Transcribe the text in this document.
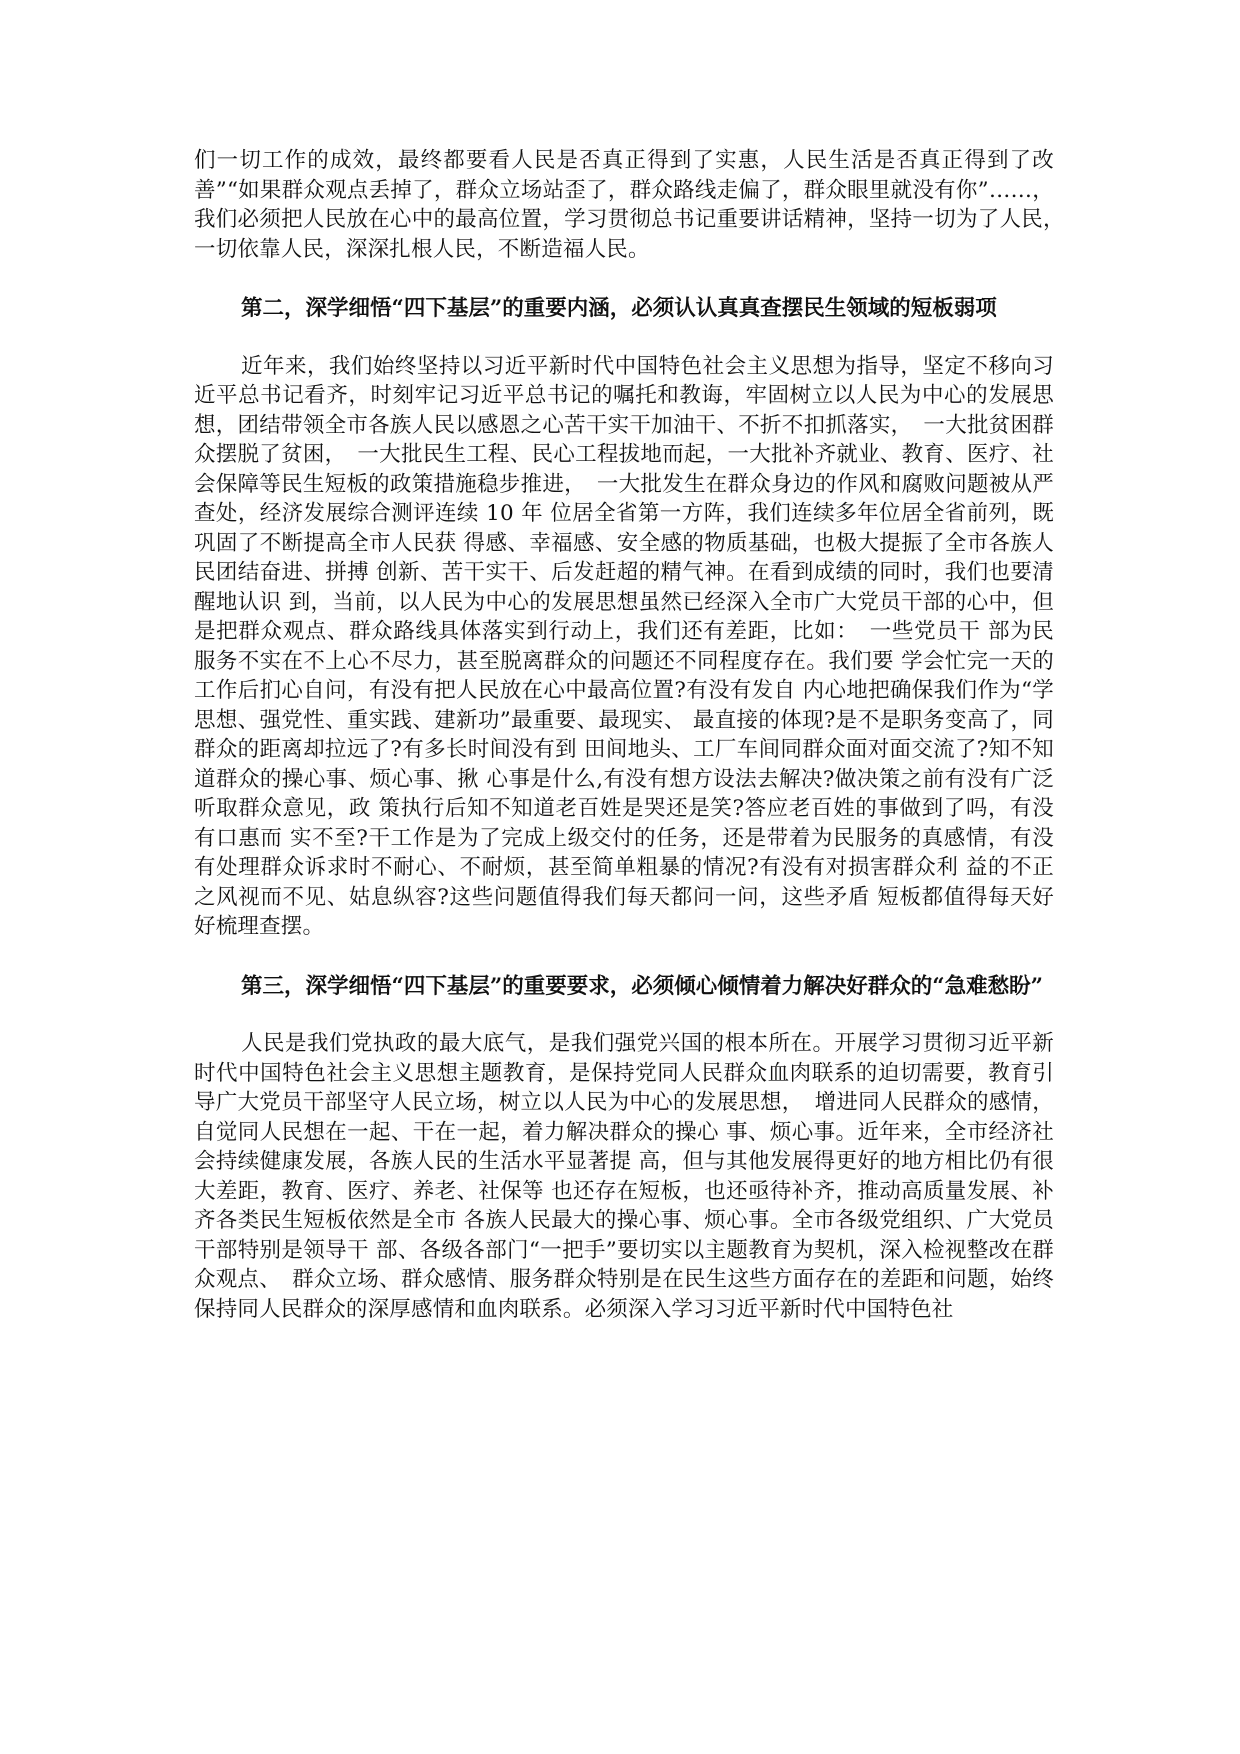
们一切工作的成效，最终都要看人民是否真正得到了实惠，人民生活是否真正得到了改善”“如果群众观点丢掉了，群众立场站歪了，群众路线走偏了，群众眼里就没有你”……，我们必须把人民放在心中的最高位置，学习贯彻总书记重要讲话精神，坚持一切为了人民，　一切依靠人民，深深扎根人民，不断造福人民。

第二，深学细悟“四下基层”的重要内涵，必须认认真真查摆民生领域的短板弱项

近年来，我们始终坚持以习近平新时代中国特色社会主义思想为指导，坚定不移向习近平总书记看齐，时刻牢记习近平总书记的嘱托和教诲，牢固树立以人民为中心的发展思想，团结带领全市各族人民以感恩之心苦干实干加油干、不折不扣抓落实，　一大批贫困群众摆脱了贫困，　一大批民生工程、民心工程拔地而起，一大批补齐就业、教育、医疗、社会保障等民生短板的政策措施稳步推进，　一大批发生在群众身边的作风和腐败问题被从严查处，经济发展综合测评连续 10 年 位居全省第一方阵，我们连续多年位居全省前列，既巩固了不断提高全市人民获 得感、幸福感、安全感的物质基础，也极大提振了全市各族人民团结奋进、拼搏 创新、苦干实干、后发赶超的精气神。在看到成绩的同时，我们也要清醒地认识 到，当前，以人民为中心的发展思想虽然已经深入全市广大党员干部的心中，但 是把群众观点、群众路线具体落实到行动上，我们还有差距，比如：　一些党员干 部为民服务不实在不上心不尽力，甚至脱离群众的问题还不同程度存在。我们要 学会忙完一天的工作后扪心自问，有没有把人民放在心中最高位置?有没有发自 内心地把确保我们作为“学思想、强党性、重实践、建新功”最重要、最现实、 最直接的体现?是不是职务变高了，同群众的距离却拉远了?有多长时间没有到 田间地头、工厂车间同群众面对面交流了?知不知道群众的操心事、烦心事、揪 心事是什么,有没有想方设法去解决?做决策之前有没有广泛听取群众意见，政 策执行后知不知道老百姓是哭还是笑?答应老百姓的事做到了吗，有没有口惠而 实不至?干工作是为了完成上级交付的任务，还是带着为民服务的真感情，有没 有处理群众诉求时不耐心、不耐烦，甚至简单粗暴的情况?有没有对损害群众利 益的不正之风视而不见、姑息纵容?这些问题值得我们每天都问一问，这些矛盾 短板都值得每天好好梳理查摆。

第三，深学细悟“四下基层”的重要要求，必须倾心倾情着力解决好群众的“急难愁盼”

人民是我们党执政的最大底气，是我们强党兴国的根本所在。开展学习贯彻习近平新时代中国特色社会主义思想主题教育，是保持党同人民群众血肉联系的迫切需要，教育引导广大党员干部坚守人民立场，树立以人民为中心的发展思想，　增进同人民群众的感情，自觉同人民想在一起、干在一起，着力解决群众的操心 事、烦心事。近年来，全市经济社会持续健康发展，各族人民的生活水平显著提 高，但与其他发展得更好的地方相比仍有很大差距，教育、医疗、养老、社保等 也还存在短板，也还亟待补齐，推动高质量发展、补齐各类民生短板依然是全市 各族人民最大的操心事、烦心事。全市各级党组织、广大党员干部特别是领导干 部、各级各部门“一把手”要切实以主题教育为契机，深入检视整改在群众观点、　群众立场、群众感情、服务群众特别是在民生这些方面存在的差距和问题，始终 保持同人民群众的深厚感情和血肉联系。必须深入学习习近平新时代中国特色社
